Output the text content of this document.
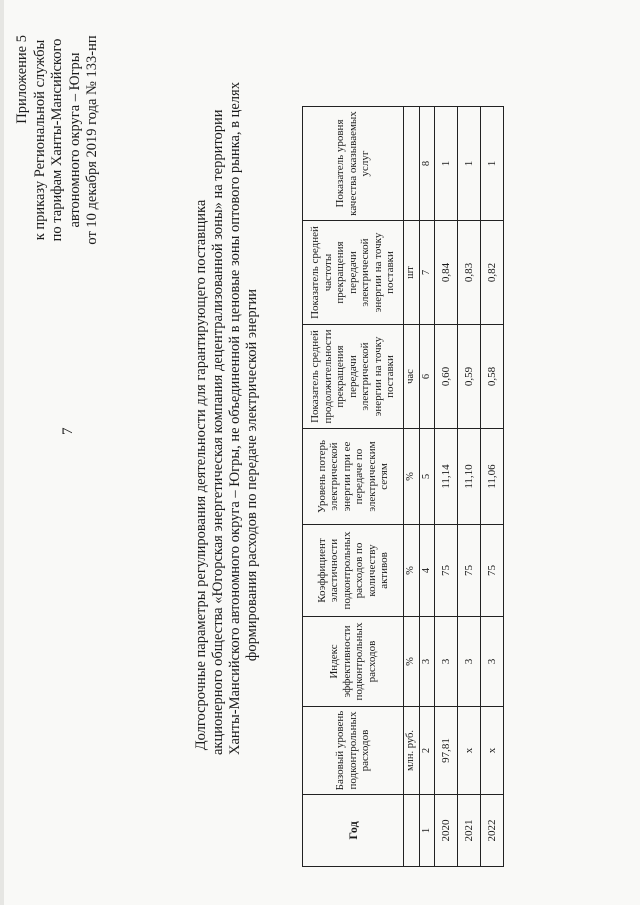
7
Приложение 5 к приказу Региональной службы по тарифам Ханты-Мансийского автономного округа – Югры от 10 декабря 2019 года № 133-нп
Долгосрочные параметры регулирования деятельности для гарантирующего поставщика акционерного общества «Югорская энергетическая компания децентрализованной зоны» на территории Ханты-Мансийского автономного округа – Югры, не объединенной в ценовые зоны оптового рынка, в целях формирования расходов по передаче электрической энергии
Год	Базовый уровень подконтрольных расходов	Индекс эффективности подконтрольных расходов	Коэффициент эластичности подконтрольных расходов по количеству активов	Уровень потерь электрической энергии при ее передаче по электрическим сетям	Показатель средней продолжительности прекращения передачи электрической энергии на точку поставки	Показатель средней частоты прекращения передачи электрической энергии на точку поставки	Показатель уровня качества оказываемых услуг
	млн. руб.	%	%	%	час	шт	
1	2	3	4	5	6	7	8
2020	97,81	3	75	11,14	0,60	0,84	1
2021	х	3	75	11,10	0,59	0,83	1
2022	х	3	75	11,06	0,58	0,82	1
